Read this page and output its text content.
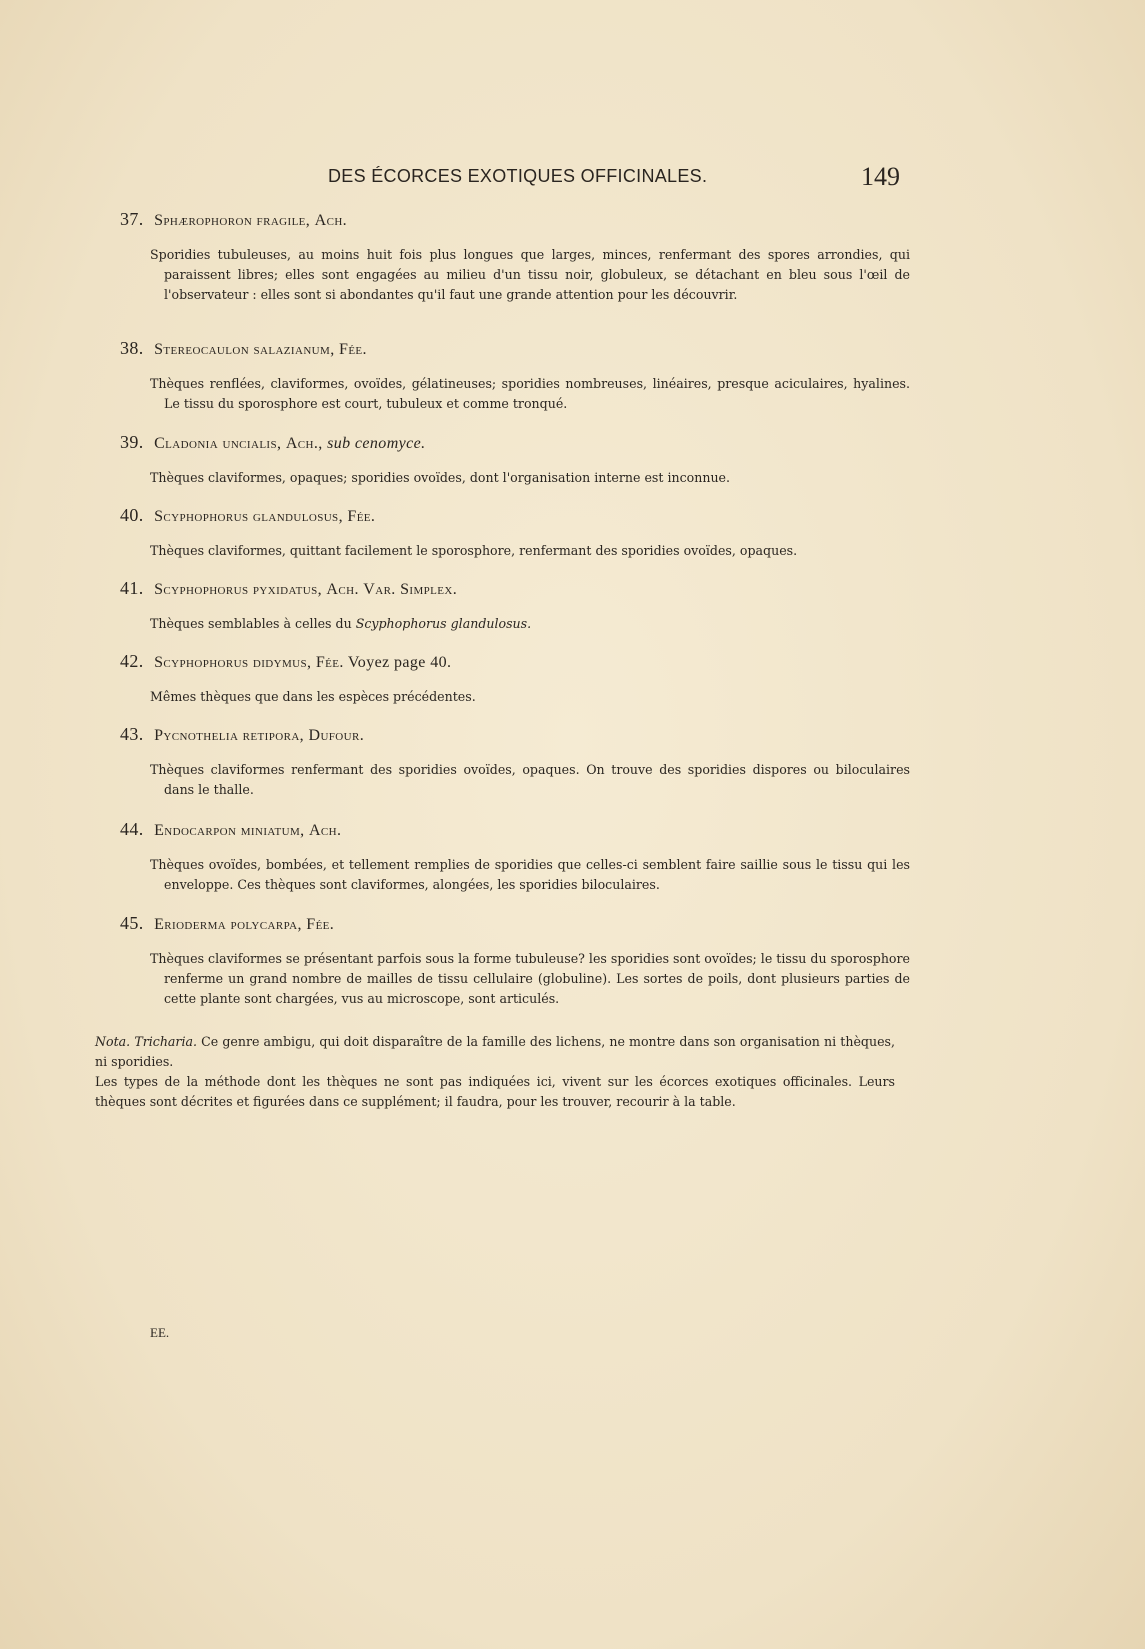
DES ÉCORCES EXOTIQUES OFFICINALES.	149
37. Sphærophoron fragile, Ach.
Sporidies tubuleuses, au moins huit fois plus longues que larges, minces, renfermant des spores arrondies, qui paraissent libres; elles sont engagées au milieu d'un tissu noir, globuleux, se détachant en bleu sous l'œil de l'observateur : elles sont si abondantes qu'il faut une grande attention pour les découvrir.
38. Stereocaulon salazianum, Fée.
Thèques renflées, claviformes, ovoïdes, gélatineuses; sporidies nombreuses, linéaires, presque aciculaires, hyalines. Le tissu du sporosphore est court, tubuleux et comme tronqué.
39. Cladonia uncialis, Ach., sub cenomyce.
Thèques claviformes, opaques; sporidies ovoïdes, dont l'organisation interne est inconnue.
40. Scyphophorus glandulosus, Fée.
Thèques claviformes, quittant facilement le sporosphore, renfermant des sporidies ovoïdes, opaques.
41. Scyphophorus pyxidatus, Ach. Var. Simplex.
Thèques semblables à celles du Scyphophorus glandulosus.
42. Scyphophorus didymus, Fée. Voyez page 40.
Mêmes thèques que dans les espèces précédentes.
43. Pycnothelia retipora, Dufour.
Thèques claviformes renfermant des sporidies ovoïdes, opaques. On trouve des sporidies dispores ou biloculaires dans le thalle.
44. Endocarpon miniatum, Ach.
Thèques ovoïdes, bombées, et tellement remplies de sporidies que celles-ci semblent faire saillie sous le tissu qui les enveloppe. Ces thèques sont claviformes, alongées, les sporidies biloculaires.
45. Eriodermа polycarpa, Fée.
Thèques claviformes se présentant parfois sous la forme tubuleuse? les sporidies sont ovoïdes; le tissu du sporosphore renferme un grand nombre de mailles de tissu cellulaire (globuline). Les sortes de poils, dont plusieurs parties de cette plante sont chargées, vus au microscope, sont articulés.

Nota. Tricharia. Ce genre ambigu, qui doit disparaître de la famille des lichens, ne montre dans son organisation ni thèques, ni sporidies.

Les types de la méthode dont les thèques ne sont pas indiquées ici, vivent sur les écorces exotiques officinales. Leurs thèques sont décrites et figurées dans ce supplément; il faudra, pour les trouver, recourir à la table.

EE.
